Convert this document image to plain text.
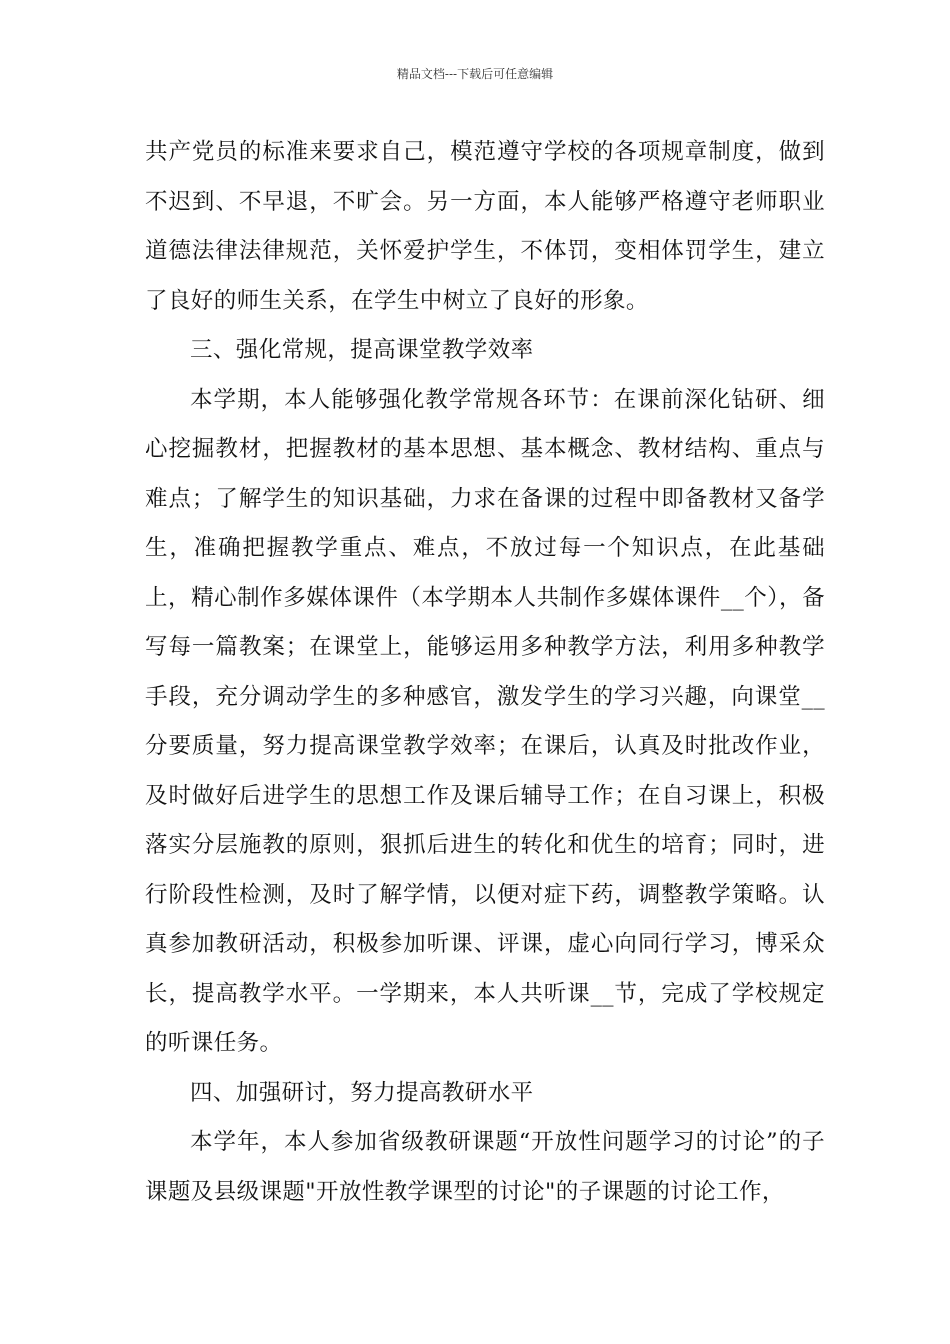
精品文档---下载后可任意编辑

共产党员的标准来要求自己，模范遵守学校的各项规章制度，做到不迟到、不早退，不旷会。另一方面，本人能够严格遵守老师职业道德法律法律规范，关怀爱护学生，不体罚，变相体罚学生，建立了良好的师生关系，在学生中树立了良好的形象。

三、强化常规，提高课堂教学效率

本学期，本人能够强化教学常规各环节：在课前深化钻研、细心挖掘教材，把握教材的基本思想、基本概念、教材结构、重点与难点；了解学生的知识基础，力求在备课的过程中即备教材又备学生，准确把握教学重点、难点，不放过每一个知识点，在此基础上，精心制作多媒体课件（本学期本人共制作多媒体课件__个），备写每一篇教案；在课堂上，能够运用多种教学方法，利用多种教学手段，充分调动学生的多种感官，激发学生的学习兴趣，向课堂__分要质量，努力提高课堂教学效率；在课后，认真及时批改作业，及时做好后进学生的思想工作及课后辅导工作；在自习课上，积极落实分层施教的原则，狠抓后进生的转化和优生的培育；同时，进行阶段性检测，及时了解学情，以便对症下药，调整教学策略。认真参加教研活动，积极参加听课、评课，虚心向同行学习，博采众长，提高教学水平。一学期来，本人共听课__节，完成了学校规定的听课任务。

四、加强研讨，努力提高教研水平

本学年，本人参加省级教研课题“开放性问题学习的讨论”的子课题及县级课题"开放性教学课型的讨论"的子课题的讨论工作，
